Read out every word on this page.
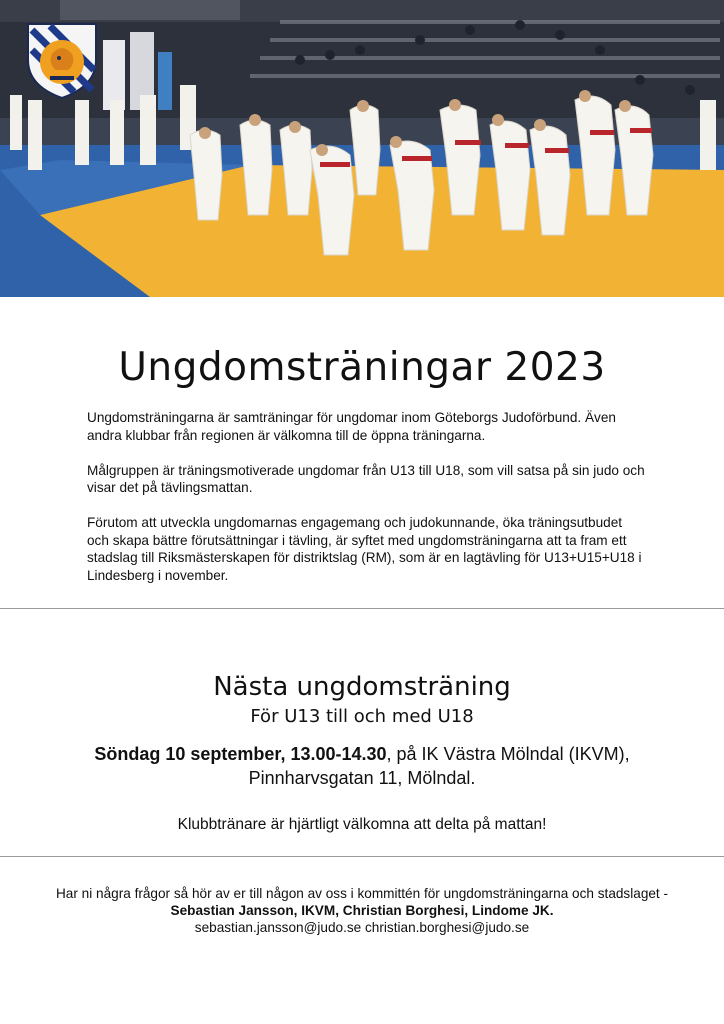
Ungdomsträningar 2023

Ungdomsträningarna är samträningar för ungdomar inom Göteborgs Judoförbund. Även andra klubbar från regionen är välkomna till de öppna träningarna.

Målgruppen är träningsmotiverade ungdomar från U13 till U18, som vill satsa på sin judo och visar det på tävlingsmattan.

Förutom att utveckla ungdomarnas engagemang och judokunnande, öka träningsutbudet och skapa bättre förutsättningar i tävling, är syftet med ungdomsträningarna att ta fram ett stadslag till Riksmästerskapen för distriktslag (RM), som är en lagtävling för U13+U15+U18 i Lindesberg i november.

Nästa ungdomsträning
För U13 till och med U18
Söndag 10 september, 13.00-14.30, på IK Västra Mölndal (IKVM),
Pinnharvsgatan 11, Mölndal.
Klubbtränare är hjärtligt välkomna att delta på mattan!
Har ni några frågor så hör av er till någon av oss i kommittén för ungdomsträningarna och stadslaget -
Sebastian Jansson, IKVM, Christian Borghesi, Lindome JK.
sebastian.jansson@judo.se christian.borghesi@judo.se
